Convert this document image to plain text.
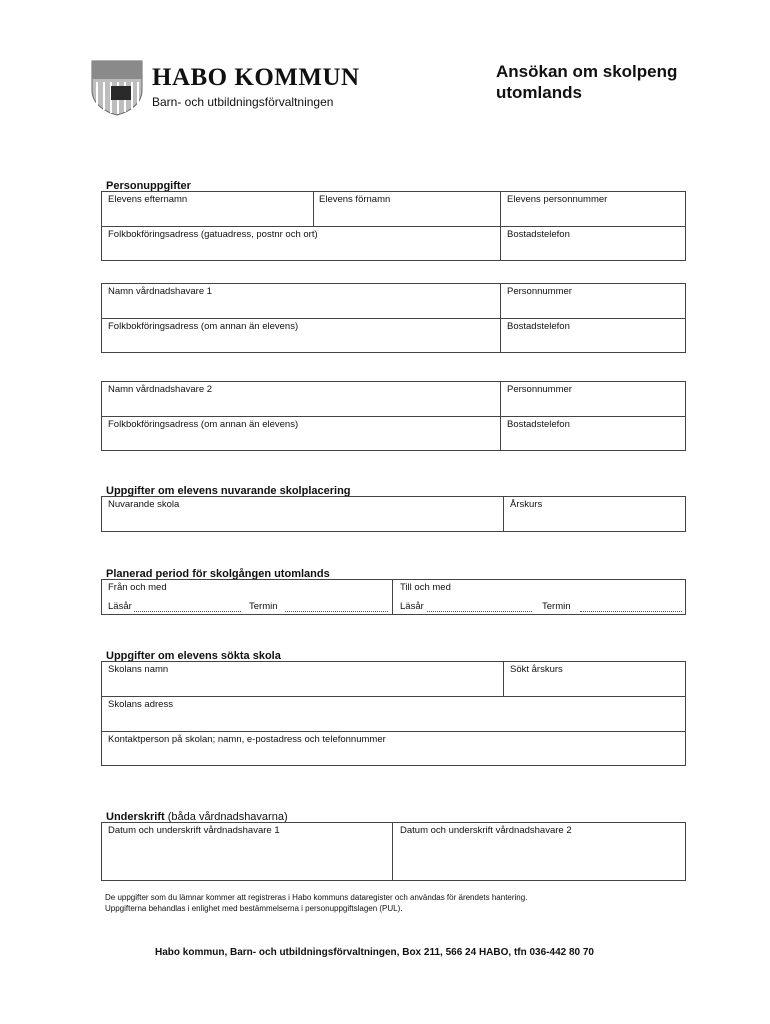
HABO KOMMUN
Barn- och utbildningsförvaltningen
Ansökan om skolpeng
utomlands
Personuppgifter
Elevens efternamn	Elevens förnamn	Elevens personnummer
Folkbokföringsadress (gatuadress, postnr och ort)	Bostadstelefon
Namn vårdnadshavare 1	Personnummer
Folkbokföringsadress (om annan än elevens)	Bostadstelefon
Namn vårdnadshavare 2	Personnummer
Folkbokföringsadress (om annan än elevens)	Bostadstelefon
Uppgifter om elevens nuvarande skolplacering
Nuvarande skola	Årskurs
Planerad period för skolgången utomlands
Från och med	Till och med
Läsår	Termin	Läsår	Termin
Uppgifter om elevens sökta skola
Skolans namn	Sökt årskurs
Skolans adress
Kontaktperson på skolan; namn, e-postadress och telefonnummer
Underskrift (båda vårdnadshavarna)
Datum och underskrift vårdnadshavare 1	Datum och underskrift vårdnadshavare 2
De uppgifter som du lämnar kommer att registreras i Habo kommuns dataregister och användas för ärendets hantering.
Uppgifterna behandlas i enlighet med bestämmelserna i personuppgiftslagen (PUL).
Habo kommun, Barn- och utbildningsförvaltningen, Box 211, 566 24 HABO, tfn 036-442 80 70
